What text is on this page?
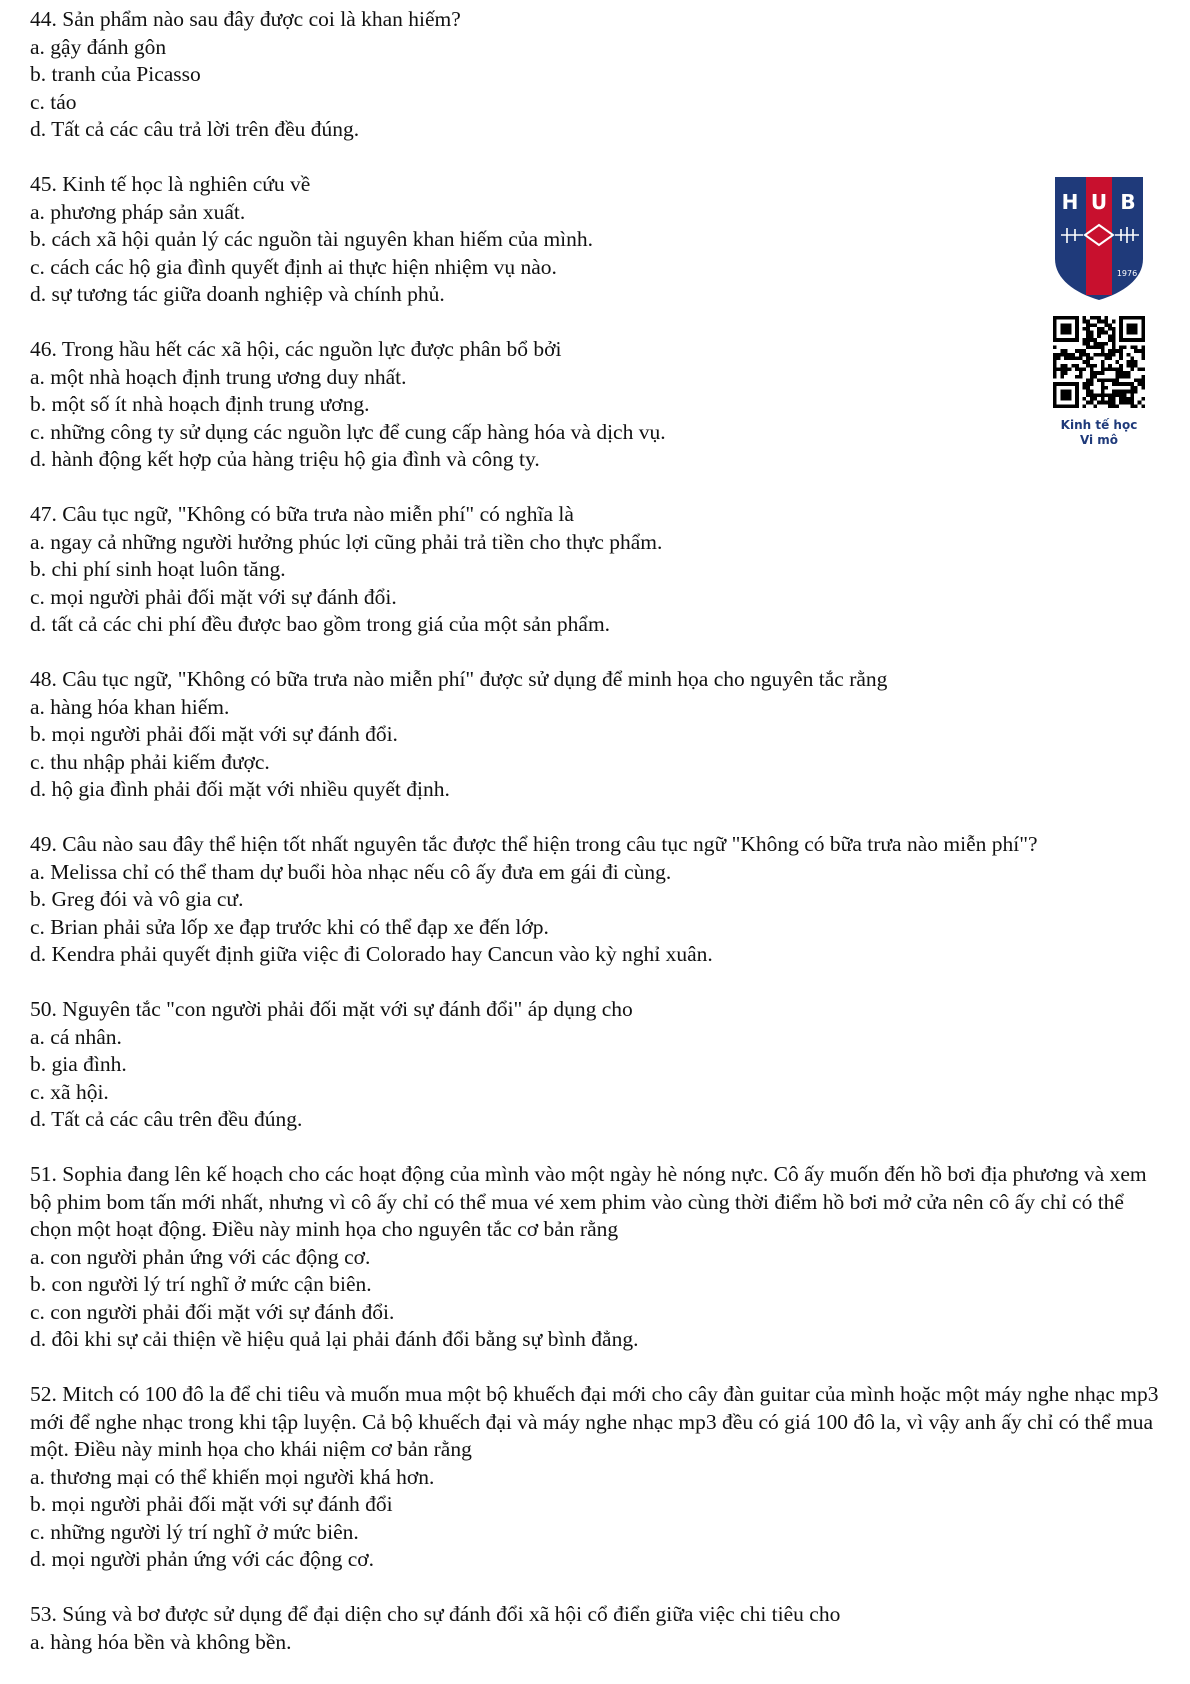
44. Sản phẩm nào sau đây được coi là khan hiếm?
a. gậy đánh gôn
b. tranh của Picasso
c. táo
d. Tất cả các câu trả lời trên đều đúng.
45. Kinh tế học là nghiên cứu về
a. phương pháp sản xuất.
b. cách xã hội quản lý các nguồn tài nguyên khan hiếm của mình.
c. cách các hộ gia đình quyết định ai thực hiện nhiệm vụ nào.
d. sự tương tác giữa doanh nghiệp và chính phủ.
46. Trong hầu hết các xã hội, các nguồn lực được phân bổ bởi
a. một nhà hoạch định trung ương duy nhất.
b. một số ít nhà hoạch định trung ương.
c. những công ty sử dụng các nguồn lực để cung cấp hàng hóa và dịch vụ.
d. hành động kết hợp của hàng triệu hộ gia đình và công ty.
47. Câu tục ngữ, "Không có bữa trưa nào miễn phí" có nghĩa là
a. ngay cả những người hưởng phúc lợi cũng phải trả tiền cho thực phẩm.
b. chi phí sinh hoạt luôn tăng.
c. mọi người phải đối mặt với sự đánh đổi.
d. tất cả các chi phí đều được bao gồm trong giá của một sản phẩm.
48. Câu tục ngữ, "Không có bữa trưa nào miễn phí" được sử dụng để minh họa cho nguyên tắc rằng
a. hàng hóa khan hiếm.
b. mọi người phải đối mặt với sự đánh đổi.
c. thu nhập phải kiếm được.
d. hộ gia đình phải đối mặt với nhiều quyết định.
49. Câu nào sau đây thể hiện tốt nhất nguyên tắc được thể hiện trong câu tục ngữ "Không có bữa trưa nào miễn phí"?
a. Melissa chỉ có thể tham dự buổi hòa nhạc nếu cô ấy đưa em gái đi cùng.
b. Greg đói và vô gia cư.
c. Brian phải sửa lốp xe đạp trước khi có thể đạp xe đến lớp.
d. Kendra phải quyết định giữa việc đi Colorado hay Cancun vào kỳ nghỉ xuân.
50. Nguyên tắc "con người phải đối mặt với sự đánh đổi" áp dụng cho
a. cá nhân.
b. gia đình.
c. xã hội.
d. Tất cả các câu trên đều đúng.
51. Sophia đang lên kế hoạch cho các hoạt động của mình vào một ngày hè nóng nực. Cô ấy muốn đến hồ bơi địa phương và xem bộ phim bom tấn mới nhất, nhưng vì cô ấy chỉ có thể mua vé xem phim vào cùng thời điểm hồ bơi mở cửa nên cô ấy chỉ có thể chọn một hoạt động. Điều này minh họa cho nguyên tắc cơ bản rằng
a. con người phản ứng với các động cơ.
b. con người lý trí nghĩ ở mức cận biên.
c. con người phải đối mặt với sự đánh đổi.
d. đôi khi sự cải thiện về hiệu quả lại phải đánh đổi bằng sự bình đẳng.
52. Mitch có 100 đô la để chi tiêu và muốn mua một bộ khuếch đại mới cho cây đàn guitar của mình hoặc một máy nghe nhạc mp3 mới để nghe nhạc trong khi tập luyện. Cả bộ khuếch đại và máy nghe nhạc mp3 đều có giá 100 đô la, vì vậy anh ấy chỉ có thể mua một. Điều này minh họa cho khái niệm cơ bản rằng
a. thương mại có thể khiến mọi người khá hơn.
b. mọi người phải đối mặt với sự đánh đổi
c. những người lý trí nghĩ ở mức biên.
d. mọi người phản ứng với các động cơ.
53. Súng và bơ được sử dụng để đại diện cho sự đánh đổi xã hội cổ điển giữa việc chi tiêu cho
a. hàng hóa bền và không bền.
H U B
1976
Kinh tế học
Vi mô
